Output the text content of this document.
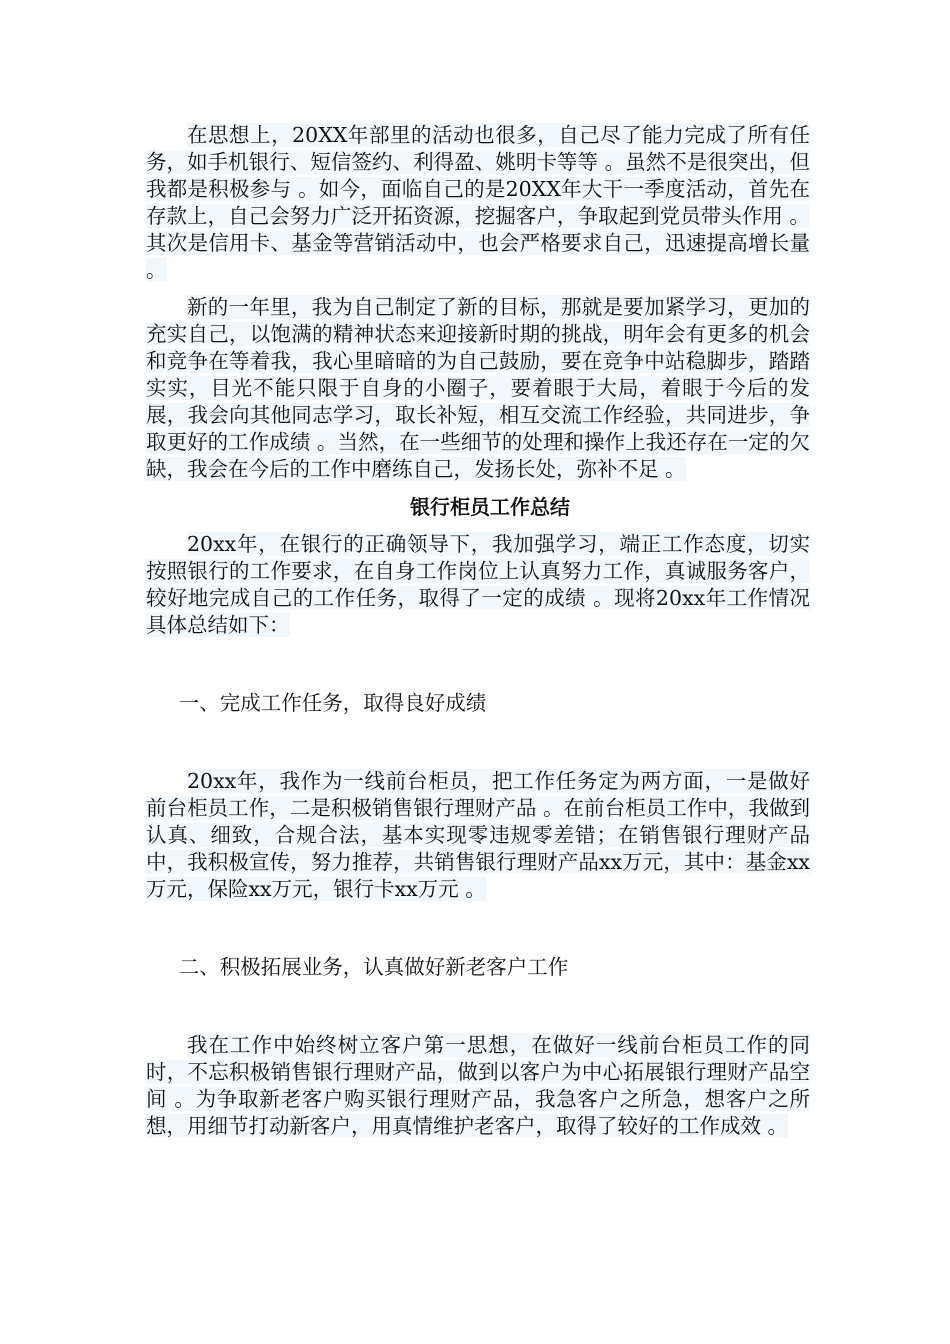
在思想上，20XX年部里的活动也很多，自己尽了能力完成了所有任务，如手机银行、短信签约、利得盈、姚明卡等等 。虽然不是很突出，但我都是积极参与 。如今，面临自己的是20XX年大干一季度活动，首先在存款上，自己会努力广泛开拓资源，挖掘客户，争取起到党员带头作用 。其次是信用卡、基金等营销活动中，也会严格要求自己，迅速提高增长量 。

新的一年里，我为自己制定了新的目标，那就是要加紧学习，更加的充实自己，以饱满的精神状态来迎接新时期的挑战，明年会有更多的机会和竞争在等着我，我心里暗暗的为自己鼓励，要在竞争中站稳脚步，踏踏实实，目光不能只限于自身的小圈子，要着眼于大局，着眼于今后的发展，我会向其他同志学习，取长补短，相互交流工作经验，共同进步，争取更好的工作成绩 。当然，在一些细节的处理和操作上我还存在一定的欠缺，我会在今后的工作中磨练自己，发扬长处，弥补不足 。

银行柜员工作总结

20xx年，在银行的正确领导下，我加强学习，端正工作态度，切实按照银行的工作要求，在自身工作岗位上认真努力工作，真诚服务客户，较好地完成自己的工作任务，取得了一定的成绩 。现将20xx年工作情况具体总结如下：

一、完成工作任务，取得良好成绩

20xx年，我作为一线前台柜员，把工作任务定为两方面，一是做好前台柜员工作，二是积极销售银行理财产品 。在前台柜员工作中，我做到认真、细致，合规合法，基本实现零违规零差错；在销售银行理财产品中，我积极宣传，努力推荐，共销售银行理财产品xx万元，其中：基金xx万元，保险xx万元，银行卡xx万元 。

二、积极拓展业务，认真做好新老客户工作

我在工作中始终树立客户第一思想，在做好一线前台柜员工作的同时，不忘积极销售银行理财产品，做到以客户为中心拓展银行理财产品空间 。为争取新老客户购买银行理财产品，我急客户之所急，想客户之所想，用细节打动新客户，用真情维护老客户，取得了较好的工作成效 。
